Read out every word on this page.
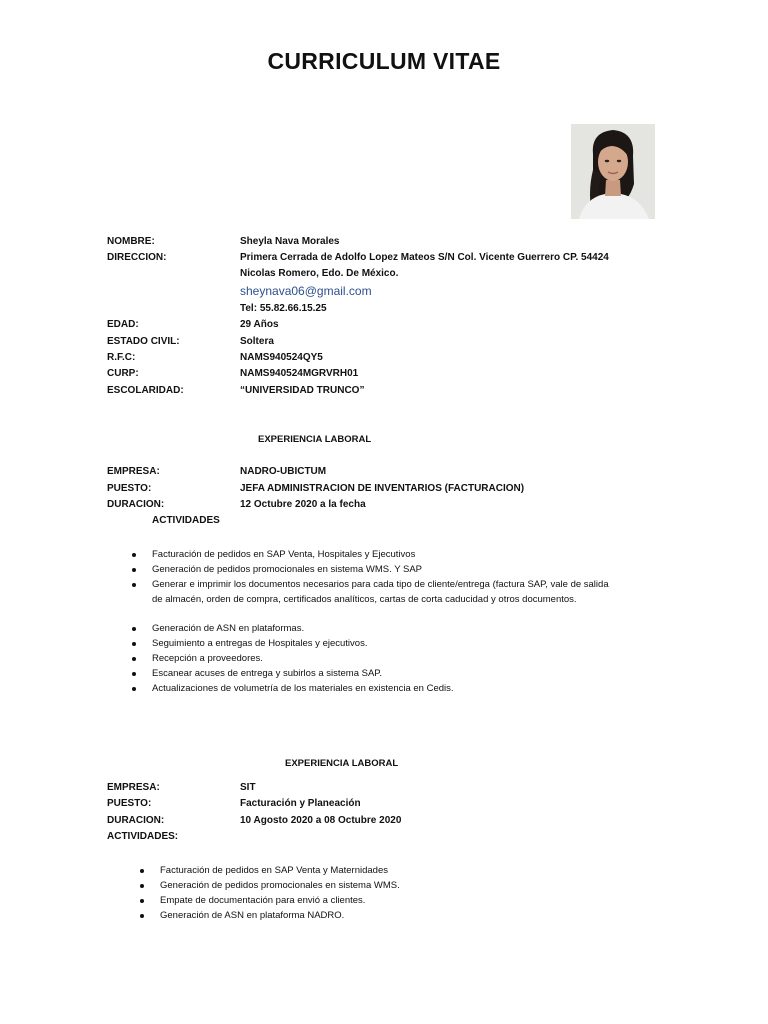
CURRICULUM VITAE
NOMBRE:	Sheyla Nava Morales
DIRECCION:	Primera Cerrada de Adolfo Lopez Mateos S/N Col. Vicente Guerrero CP. 54424
Nicolas Romero, Edo. De México.
sheynava06@gmail.com
Tel: 55.82.66.15.25
EDAD:	29 Años
ESTADO CIVIL:	Soltera
R.F.C:	NAMS940524QY5
CURP:	NAMS940524MGRVRH01
ESCOLARIDAD:	“UNIVERSIDAD TRUNCO”
EXPERIENCIA LABORAL
EMPRESA:	NADRO-UBICTUM
PUESTO:	JEFA ADMINISTRACION DE INVENTARIOS (FACTURACION)
DURACION:	12 Octubre 2020 a la fecha
ACTIVIDADES
Facturación de pedidos en SAP Venta, Hospitales y Ejecutivos
Generación de pedidos promocionales en sistema WMS. Y SAP
Generar e imprimir los documentos necesarios para cada tipo de cliente/entrega (factura SAP, vale de salida
de almacén, orden de compra, certificados analíticos, cartas de corta caducidad y otros documentos.
Generación de ASN en plataformas.
Seguimiento a entregas de Hospitales y ejecutivos.
Recepción a proveedores.
Escanear acuses de entrega y subirlos a sistema SAP.
Actualizaciones de volumetría de los materiales en existencia en Cedis.
EXPERIENCIA LABORAL
EMPRESA:	SIT
PUESTO:	Facturación y Planeación
DURACION:	10 Agosto 2020 a 08 Octubre 2020
ACTIVIDADES:
Facturación de pedidos en SAP Venta y Maternidades
Generación de pedidos promocionales en sistema WMS.
Empate de documentación para envió a clientes.
Generación de ASN en plataforma NADRO.
